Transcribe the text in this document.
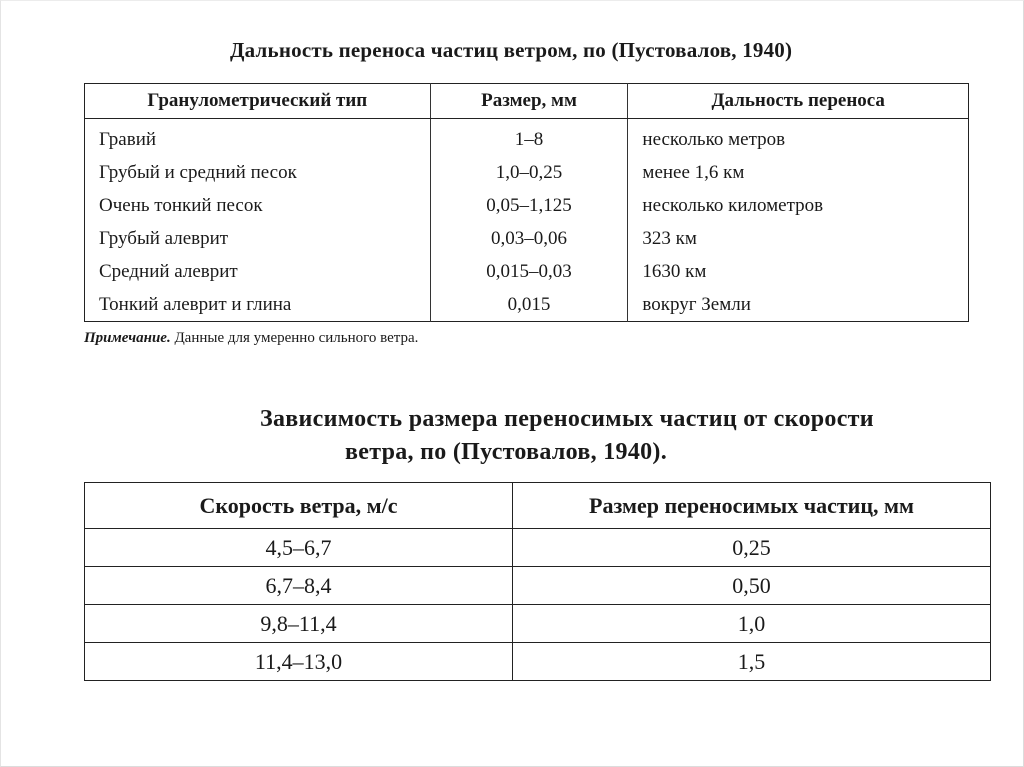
Дальность переноса частиц ветром, по (Пустовалов, 1940)
Гранулометрический тип	Размер, мм	Дальность переноса
Гравий	1–8	несколько метров
Грубый и средний песок	1,0–0,25	менее 1,6 км
Очень тонкий песок	0,05–1,125	несколько километров
Грубый алеврит	0,03–0,06	323 км
Средний алеврит	0,015–0,03	1630 км
Тонкий алеврит и глина	0,015	вокруг Земли
Примечание. Данные для умеренно сильного ветра.
Зависимость размера переносимых частиц от скорости
ветра, по (Пустовалов, 1940).
Скорость ветра, м/с	Размер переносимых частиц, мм
4,5–6,7	0,25
6,7–8,4	0,50
9,8–11,4	1,0
11,4–13,0	1,5
